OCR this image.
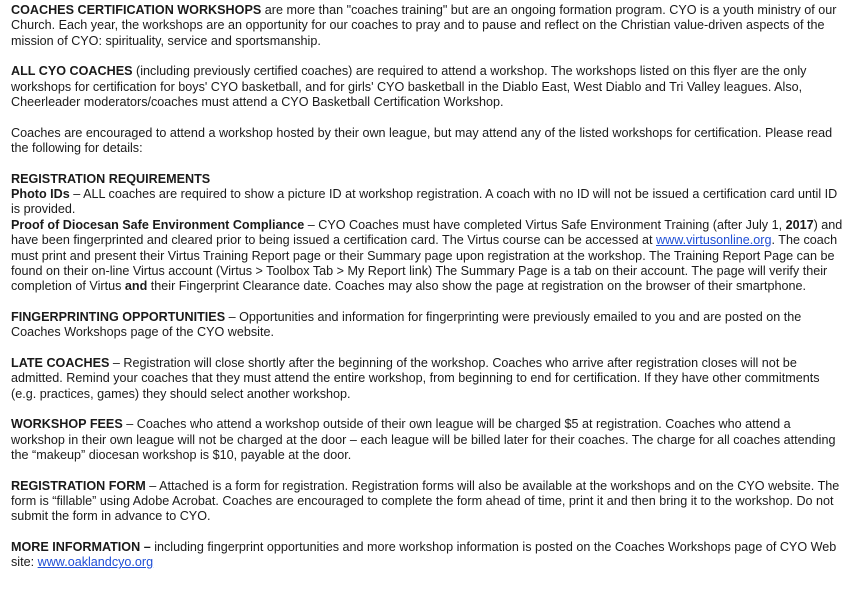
COACHES CERTIFICATION WORKSHOPS are more than "coaches training" but are an ongoing formation program. CYO is a youth ministry of our Church. Each year, the workshops are an opportunity for our coaches to pray and to pause and reflect on the Christian value-driven aspects of the mission of CYO: spirituality, service and sportsmanship.

ALL CYO COACHES (including previously certified coaches) are required to attend a workshop. The workshops listed on this flyer are the only workshops for certification for boys' CYO basketball, and for girls' CYO basketball in the Diablo East, West Diablo and Tri Valley leagues. Also, Cheerleader moderators/coaches must attend a CYO Basketball Certification Workshop.

Coaches are encouraged to attend a workshop hosted by their own league, but may attend any of the listed workshops for certification. Please read the following for details:

REGISTRATION REQUIREMENTS

Photo IDs – ALL coaches are required to show a picture ID at workshop registration. A coach with no ID will not be issued a certification card until ID is provided.

Proof of Diocesan Safe Environment Compliance – CYO Coaches must have completed Virtus Safe Environment Training (after July 1, 2017) and have been fingerprinted and cleared prior to being issued a certification card. The Virtus course can be accessed at www.virtusonline.org. The coach must print and present their Virtus Training Report page or their Summary page upon registration at the workshop. The Training Report Page can be found on their on-line Virtus account (Virtus > Toolbox Tab > My Report link) The Summary Page is a tab on their account. The page will verify their completion of Virtus and their Fingerprint Clearance date. Coaches may also show the page at registration on the browser of their smartphone.

FINGERPRINTING OPPORTUNITIES – Opportunities and information for fingerprinting were previously emailed to you and are posted on the Coaches Workshops page of the CYO website.

LATE COACHES – Registration will close shortly after the beginning of the workshop. Coaches who arrive after registration closes will not be admitted. Remind your coaches that they must attend the entire workshop, from beginning to end for certification. If they have other commitments (e.g. practices, games) they should select another workshop.

WORKSHOP FEES – Coaches who attend a workshop outside of their own league will be charged $5 at registration. Coaches who attend a workshop in their own league will not be charged at the door – each league will be billed later for their coaches. The charge for all coaches attending the “makeup” diocesan workshop is $10, payable at the door.

REGISTRATION FORM – Attached is a form for registration. Registration forms will also be available at the workshops and on the CYO website. The form is “fillable” using Adobe Acrobat. Coaches are encouraged to complete the form ahead of time, print it and then bring it to the workshop. Do not submit the form in advance to CYO.

MORE INFORMATION – including fingerprint opportunities and more workshop information is posted on the Coaches Workshops page of CYO Web site: www.oaklandcyo.org
